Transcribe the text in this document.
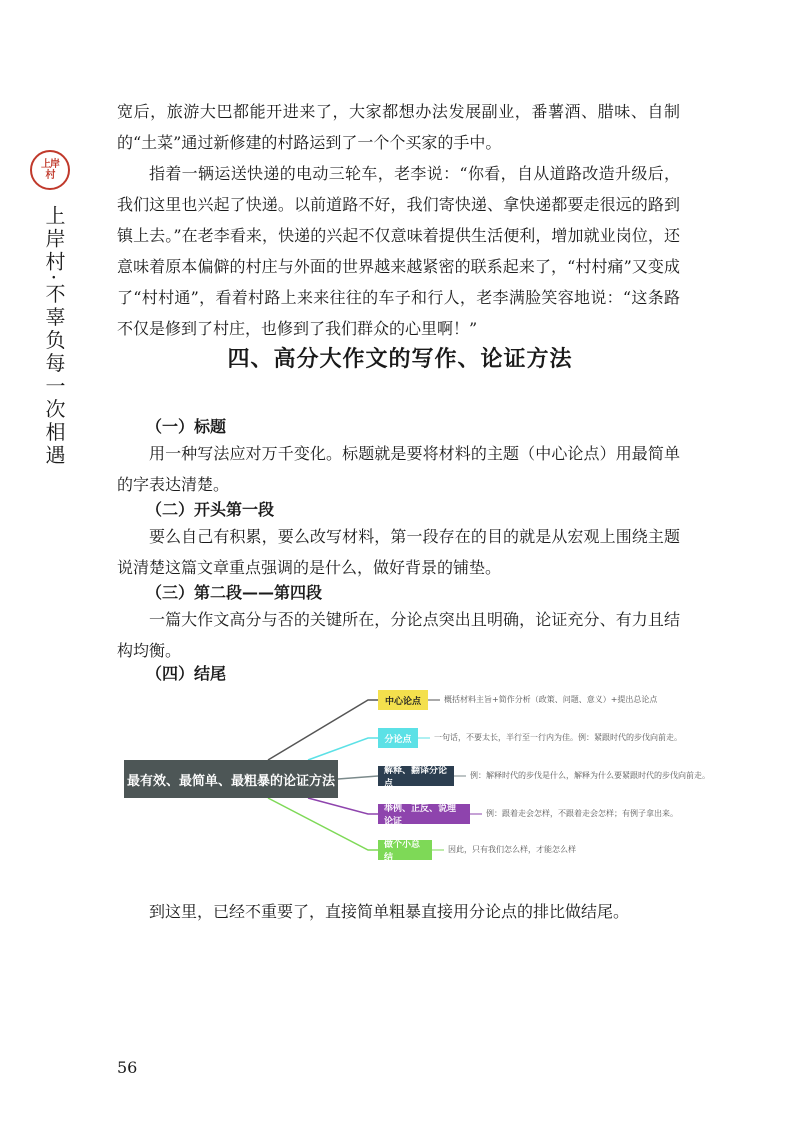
上岸村
上岸村·不辜负每一次相遇

宽后，旅游大巴都能开进来了，大家都想办法发展副业，番薯酒、腊味、自制的“土菜”通过新修建的村路运到了一个个买家的手中。

指着一辆运送快递的电动三轮车，老李说：“你看，自从道路改造升级后，我们这里也兴起了快递。以前道路不好，我们寄快递、拿快递都要走很远的路到镇上去。”在老李看来，快递的兴起不仅意味着提供生活便利，增加就业岗位，还意味着原本偏僻的村庄与外面的世界越来越紧密的联系起来了，“村村痛”又变成了“村村通”，看着村路上来来往往的车子和行人，老李满脸笑容地说：“这条路不仅是修到了村庄，也修到了我们群众的心里啊！”

四、高分大作文的写作、论证方法
（一）标题

用一种写法应对万千变化。标题就是要将材料的主题（中心论点）用最简单的字表达清楚。

（二）开头第一段

要么自己有积累，要么改写材料，第一段存在的目的就是从宏观上围绕主题说清楚这篇文章重点强调的是什么，做好背景的铺垫。

（三）第二段——第四段

一篇大作文高分与否的关键所在，分论点突出且明确，论证充分、有力且结构均衡。

（四）结尾
最有效、最简单、最粗暴的论证方法
中心论点	概括材料主旨+简作分析（政策、问题、意义）+提出总论点
分论点	一句话，不要太长，半行至一行内为佳。例：紧跟时代的步伐向前走。
解释、翻译分论点
例：解释时代的步伐是什么，解释为什么要紧跟时代的步伐向前走。
举例、正反、说理论证
例：跟着走会怎样，不跟着走会怎样；有例子拿出来。
做个小总结
因此，只有我们怎么样，才能怎么样

到这里，已经不重要了，直接简单粗暴直接用分论点的排比做结尾。

56
